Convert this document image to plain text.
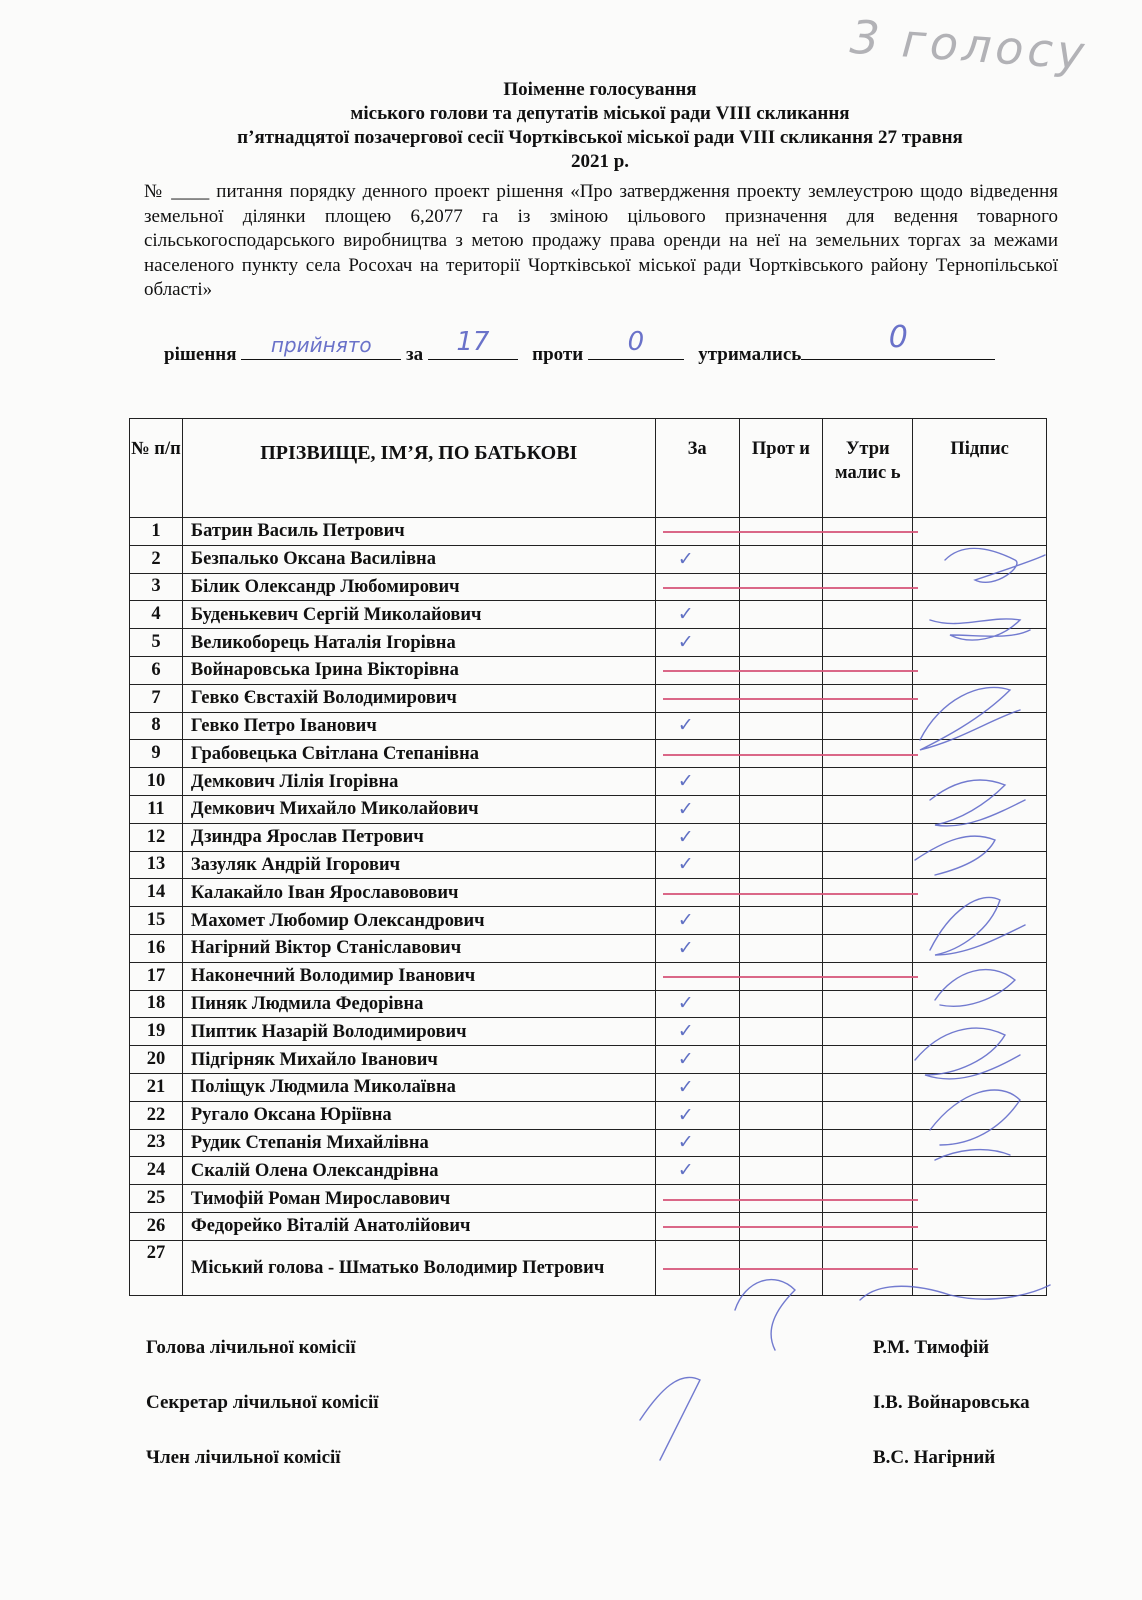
3 голосу
Поіменне голосування
міського голови та депутатів міської ради VIII скликання
п’ятнадцятої позачергової сесії Чортківської міської ради VIII скликання 27 травня
2021 р.
№ ____ питання порядку денного проект рішення «Про затвердження проекту землеустрою щодо відведення земельної ділянки площею 6,2077 га із зміною цільового призначення для ведення товарного сільськогосподарського виробництва з метою продажу права оренди на неї на земельних торгах за межами населеного пункту села Росохач на території Чортківської міської ради Чортківського району Тернопільської області»
рішення	прийнято	за	17	проти	0	утримались	0
№ п/п	ПРІЗВИЩЕ, ІМ’Я, ПО БАТЬКОВІ	За	Прот и	Утри малис ь	Підпис
1	Батрин Василь Петрович				
2	Безпалько Оксана Василівна	✓			
3	Білик Олександр Любомирович				
4	Буденькевич Сергій Миколайович	✓			
5	Великоборець Наталія Ігорівна	✓			
6	Войнаровська Ірина Вікторівна				
7	Гевко Євстахій Володимирович				
8	Гевко Петро Іванович	✓			
9	Грабовецька Світлана Степанівна				
10	Демкович Лілія Ігорівна	✓			
11	Демкович Михайло Миколайович	✓			
12	Дзиндра Ярослав Петрович	✓			
13	Зазуляк Андрій Ігорович	✓			
14	Калакайло Іван Ярославовович				
15	Махомет Любомир Олександрович	✓			
16	Нагірний Віктор Станіславович	✓			
17	Наконечний Володимир Іванович				
18	Пиняк Людмила Федорівна	✓			
19	Пиптик Назарій Володимирович	✓			
20	Підгірняк Михайло Іванович	✓			
21	Поліщук Людмила Миколаївна	✓			
22	Ругало Оксана Юріївна	✓			
23	Рудик Степанія Михайлівна	✓			
24	Скалій Олена Олександрівна	✓			
25	Тимофій Роман Мирославович				
26	Федорейко Віталій Анатолійович				
27	Міський голова - Шматько Володимир Петрович				
Голова лічильної комісії	Р.М. Тимофій
Секретар лічильної комісії	І.В. Войнаровська
Член лічильної комісії	В.С. Нагірний
